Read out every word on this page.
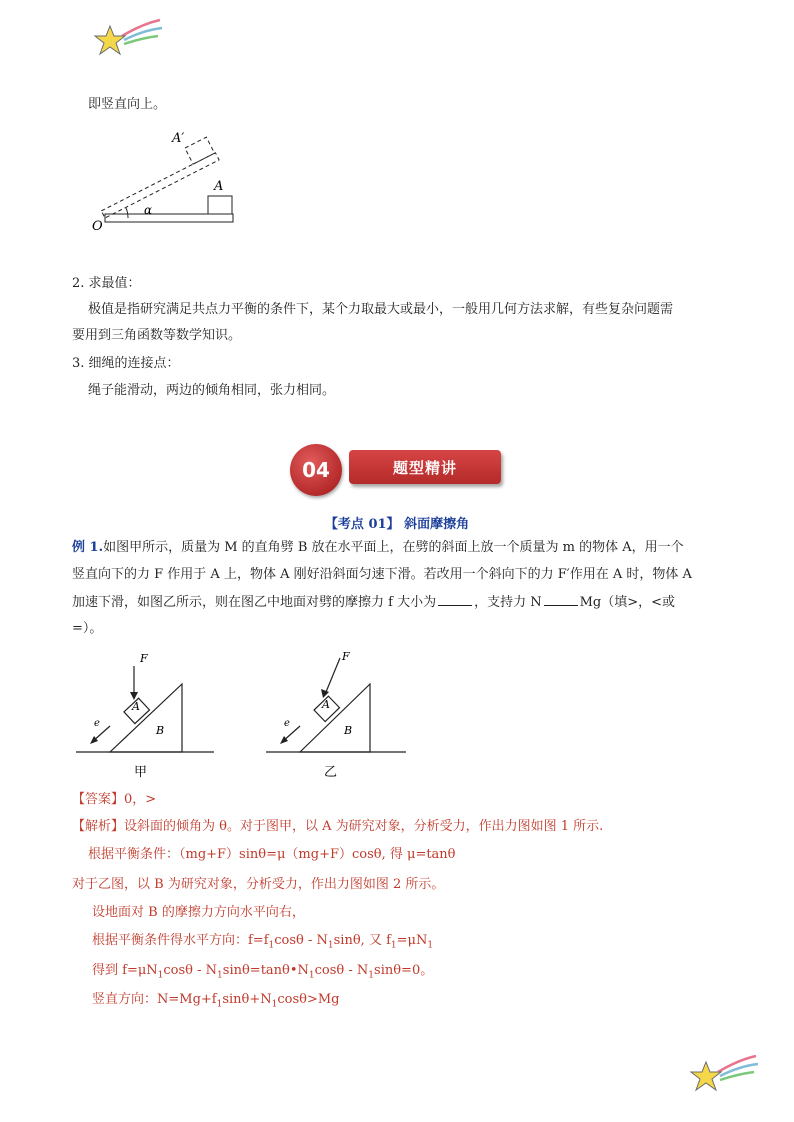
即竖直向上。
A′
A
α
O
2. 求最值：
极值是指研究满足共点力平衡的条件下，某个力取最大或最小，一般用几何方法求解，有些复杂问题需
要用到三角函数等数学知识。
3. 细绳的连接点：
绳子能滑动，两边的倾角相同，张力相同。
04	题型精讲
【考点 01】 斜面摩擦角
例 1.如图甲所示，质量为 M 的直角劈 B 放在水平面上，在劈的斜面上放一个质量为 m 的物体 A，用一个
竖直向下的力 F 作用于 A 上，物体 A 刚好沿斜面匀速下滑。若改用一个斜向下的力 F′作用在 A 时，物体 A
加速下滑，如图乙所示，则在图乙中地面对劈的摩擦力 f 大小为	，支持力 N	Mg（填>，<或
=）。
F
A
B
e
甲
F
A
B
e
乙
【答案】0，>
【解析】设斜面的倾角为 θ。对于图甲，以 A 为研究对象，分析受力，作出力图如图 1 所示.
根据平衡条件：（mg+F）sinθ=μ（mg+F）cosθ, 得 μ=tanθ
对于乙图，以 B 为研究对象，分析受力，作出力图如图 2 所示。
设地面对 B 的摩擦力方向水平向右，
根据平衡条件得水平方向：$f=f_1\cos\theta - N_1\sin\theta$, 又 $f_1=\mu N_1$
得到 $f=\mu N_1\cos\theta$ - $N_1\sin\theta=\tan\theta•N_1\cos\theta - N_1\sin\theta=0$。
竖直方向：$N=Mg+f_1\sin\theta+N_1\cos\theta>Mg$
